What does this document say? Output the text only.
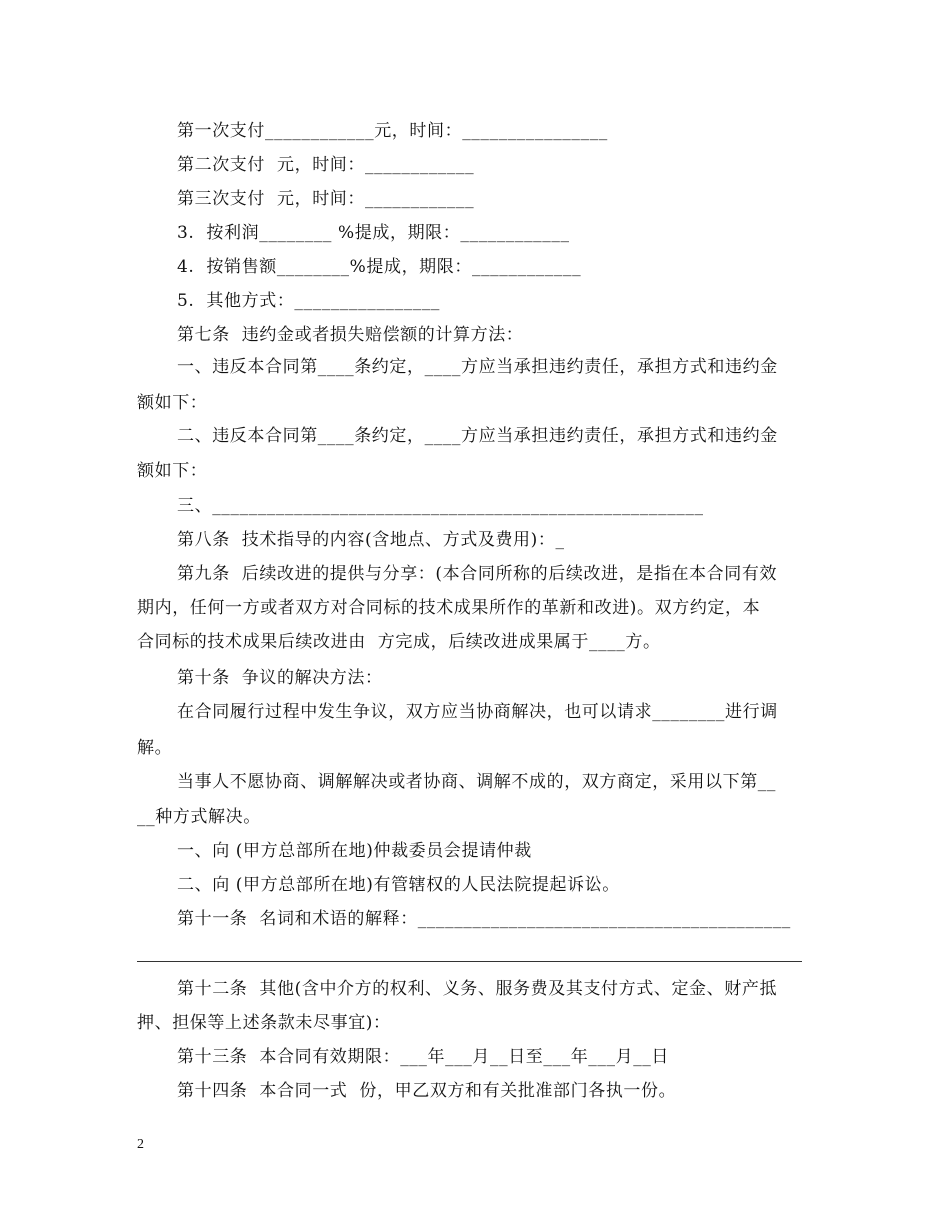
第一次支付____________元，时间：________________
第二次支付  元，时间：____________
第三次支付  元，时间：____________
3.  按利润________ %提成，期限：____________
4.  按销售额________%提成，期限：____________
5.  其他方式：________________
第七条  违约金或者损失赔偿额的计算方法：
一、违反本合同第____条约定，____方应当承担违约责任，承担方式和违约金
额如下：
二、违反本合同第____条约定，____方应当承担违约责任，承担方式和违约金
额如下：
三、______________________________________________________
第八条  技术指导的内容(含地点、方式及费用)：_
第九条  后续改进的提供与分享：(本合同所称的后续改进，是指在本合同有效
期内，任何一方或者双方对合同标的技术成果所作的革新和改进)。双方约定，本
合同标的技术成果后续改进由  方完成，后续改进成果属于____方。
第十条  争议的解决方法：
在合同履行过程中发生争议，双方应当协商解决，也可以请求________进行调
解。
当事人不愿协商、调解解决或者协商、调解不成的，双方商定，采用以下第__
__种方式解决。
一、向 (甲方总部所在地)仲裁委员会提请仲裁
二、向 (甲方总部所在地)有管辖权的人民法院提起诉讼。
第十一条  名词和术语的解释：_________________________________________
第十二条  其他(含中介方的权利、义务、服务费及其支付方式、定金、财产抵
押、担保等上述条款未尽事宜)：
第十三条  本合同有效期限：___年___月__日至___年___月__日
第十四条  本合同一式  份，甲乙双方和有关批准部门各执一份。
2
